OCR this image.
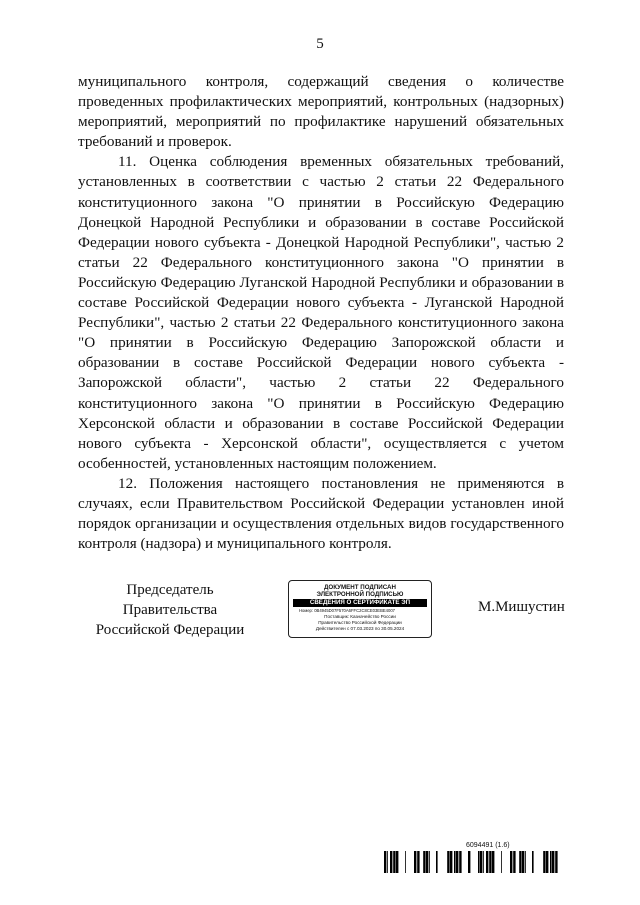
5

муниципального контроля, содержащий сведения о количестве проведенных профилактических мероприятий, контрольных (надзорных) мероприятий, мероприятий по профилактике нарушений обязательных требований и проверок.

11. Оценка соблюдения временных обязательных требований, установленных в соответствии с частью 2 статьи 22 Федерального конституционного закона "О принятии в Российскую Федерацию Донецкой Народной Республики и образовании в составе Российской Федерации нового субъекта - Донецкой Народной Республики", частью 2 статьи 22 Федерального конституционного закона "О принятии в Российскую Федерацию Луганской Народной Республики и образовании в составе Российской Федерации нового субъекта - Луганской Народной Республики", частью 2 статьи 22 Федерального конституционного закона "О принятии в Российскую Федерацию Запорожской области и образовании в составе Российской Федерации нового субъекта - Запорожской области", частью 2 статьи 22 Федерального конституционного закона "О принятии в Российскую Федерацию Херсонской области и образовании в составе Российской Федерации нового субъекта - Херсонской области", осуществляется с учетом особенностей, установленных настоящим положением.

12. Положения настоящего постановления не применяются в случаях, если Правительством Российской Федерации установлен иной порядок организации и осуществления отдельных видов государственного контроля (надзора) и муниципального контроля.

Председатель Правительства
Российской Федерации
ДОКУМЕНТ ПОДПИСАН
ЭЛЕКТРОННОЙ ПОДПИСЬЮ
СВЕДЕНИЯ О СЕРТИФИКАТЕ ЭП
Номер: 0B4945D07F570A6FFC2C8CE03EBE4007
Поставщик: Казначейство России
Правительство Российской Федерации
Действителен с 07.03.2023 по 30.05.2024
М.Мишустин
6094491 (1.6)
